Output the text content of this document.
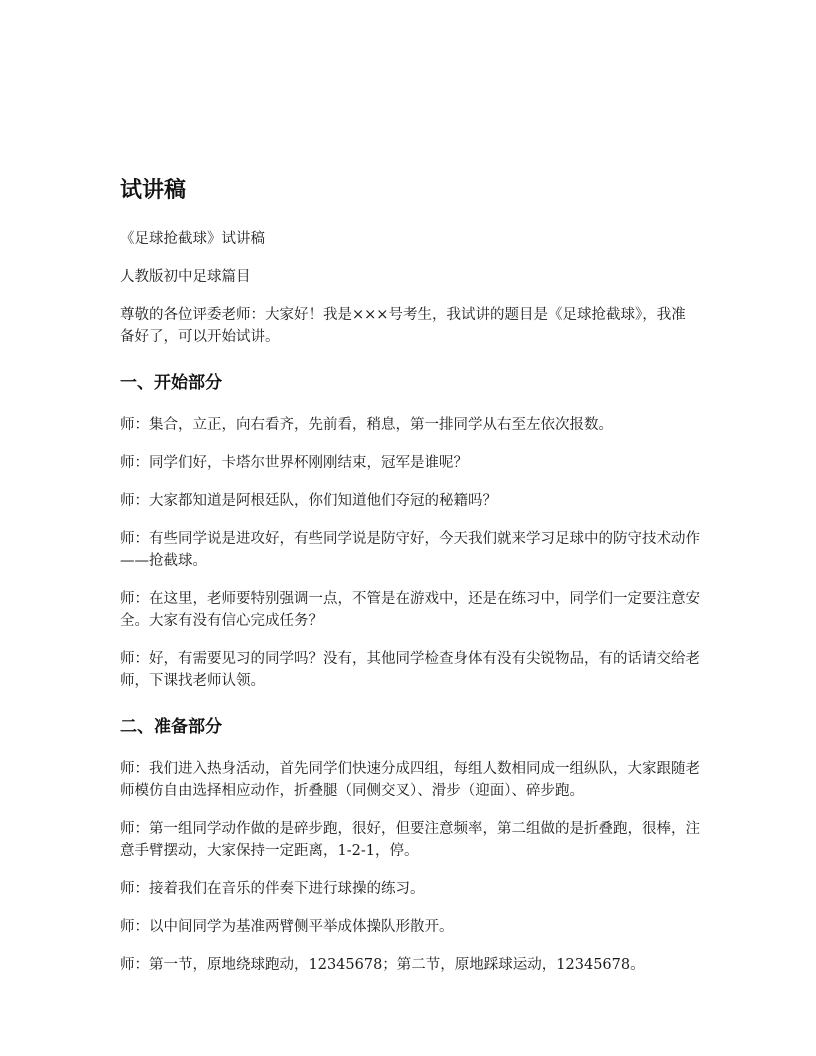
试讲稿

《足球抢截球》试讲稿

人教版初中足球篇目

尊敬的各位评委老师：大家好！我是×××号考生，我试讲的题目是《足球抢截球》，我准备好了，可以开始试讲。

一、开始部分

师：集合，立正，向右看齐，先前看，稍息，第一排同学从右至左依次报数。

师：同学们好，卡塔尔世界杯刚刚结束，冠军是谁呢？

师：大家都知道是阿根廷队，你们知道他们夺冠的秘籍吗？

师：有些同学说是进攻好，有些同学说是防守好，今天我们就来学习足球中的防守技术动作——抢截球。

师：在这里，老师要特别强调一点，不管是在游戏中，还是在练习中，同学们一定要注意安全。大家有没有信心完成任务？

师：好，有需要见习的同学吗？没有，其他同学检查身体有没有尖锐物品，有的话请交给老师，下课找老师认领。

二、准备部分

师：我们进入热身活动，首先同学们快速分成四组，每组人数相同成一组纵队，大家跟随老师模仿自由选择相应动作，折叠腿（同侧交叉）、滑步（迎面）、碎步跑。

师：第一组同学动作做的是碎步跑，很好，但要注意频率，第二组做的是折叠跑，很棒，注意手臂摆动，大家保持一定距离，1-2-1，停。

师：接着我们在音乐的伴奏下进行球操的练习。

师：以中间同学为基准两臂侧平举成体操队形散开。

师：第一节，原地绕球跑动，12345678；第二节，原地踩球运动，12345678。
